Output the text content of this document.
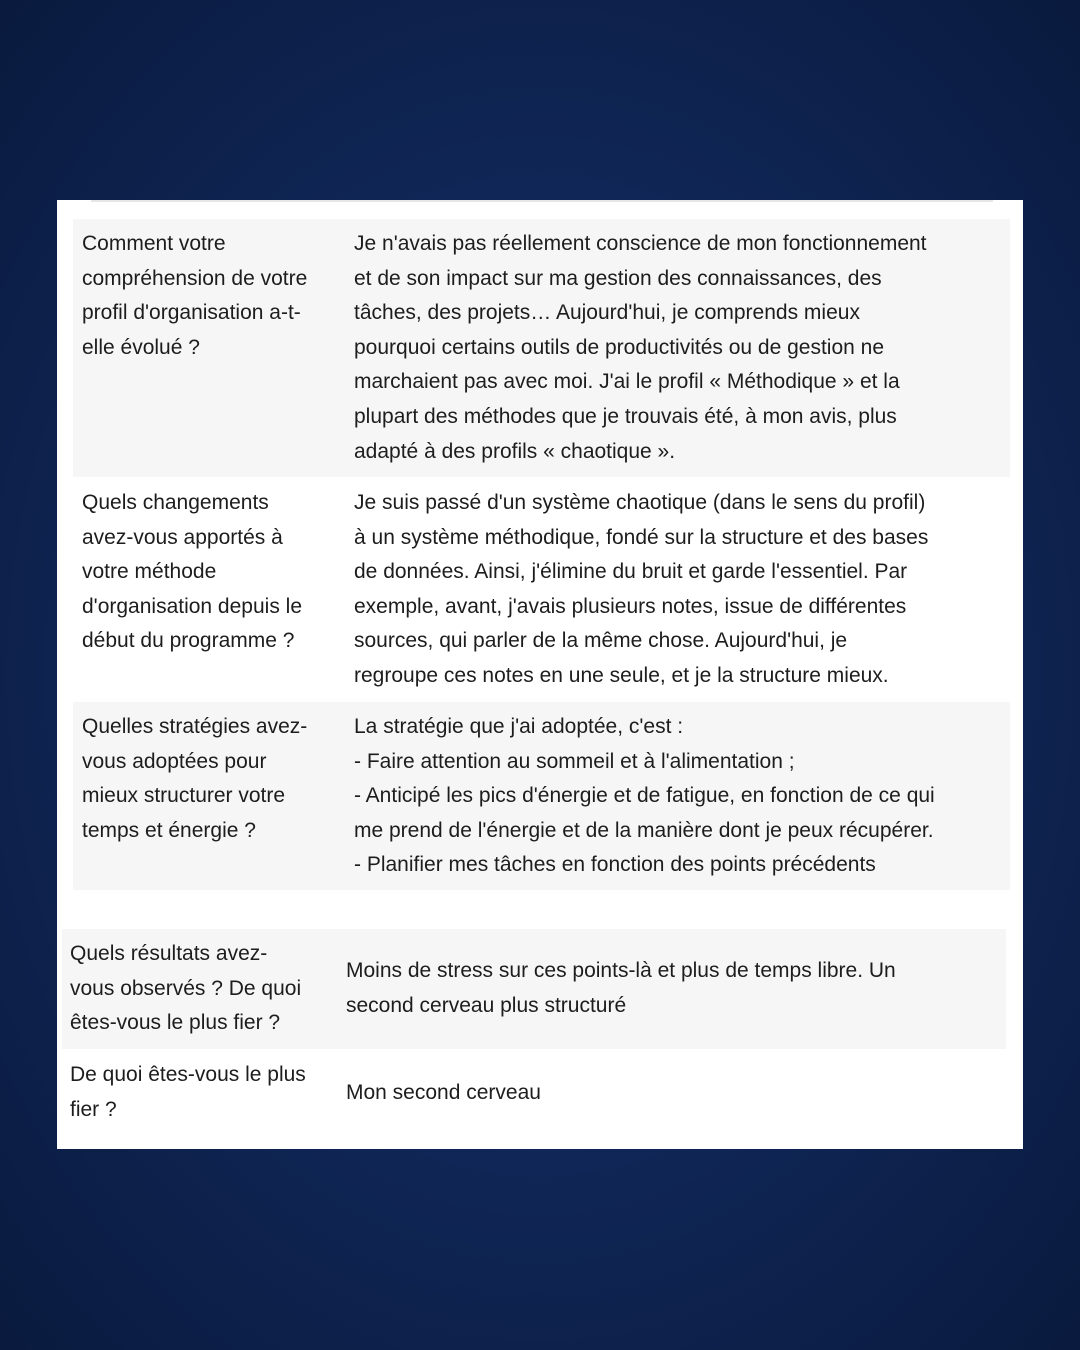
Comment votre
compréhension de votre
profil d'organisation a-t-
elle évolué ?
Je n'avais pas réellement conscience de mon fonctionnement
et de son impact sur ma gestion des connaissances, des
tâches, des projets… Aujourd'hui, je comprends mieux
pourquoi certains outils de productivités ou de gestion ne
marchaient pas avec moi. J'ai le profil « Méthodique » et la
plupart des méthodes que je trouvais été, à mon avis, plus
adapté à des profils « chaotique ».
Quels changements
avez-vous apportés à
votre méthode
d'organisation depuis le
début du programme ?
Je suis passé d'un système chaotique (dans le sens du profil)
à un système méthodique, fondé sur la structure et des bases
de données. Ainsi, j'élimine du bruit et garde l'essentiel. Par
exemple, avant, j'avais plusieurs notes, issue de différentes
sources, qui parler de la même chose. Aujourd'hui, je
regroupe ces notes en une seule, et je la structure mieux.
Quelles stratégies avez-
vous adoptées pour
mieux structurer votre
temps et énergie ?
La stratégie que j'ai adoptée, c'est :
- Faire attention au sommeil et à l'alimentation ;
- Anticipé les pics d'énergie et de fatigue, en fonction de ce qui
me prend de l'énergie et de la manière dont je peux récupérer.
- Planifier mes tâches en fonction des points précédents
Quels résultats avez-
vous observés ? De quoi
êtes-vous le plus fier ?
Moins de stress sur ces points-là et plus de temps libre. Un
second cerveau plus structuré
De quoi êtes-vous le plus
fier ?
Mon second cerveau
